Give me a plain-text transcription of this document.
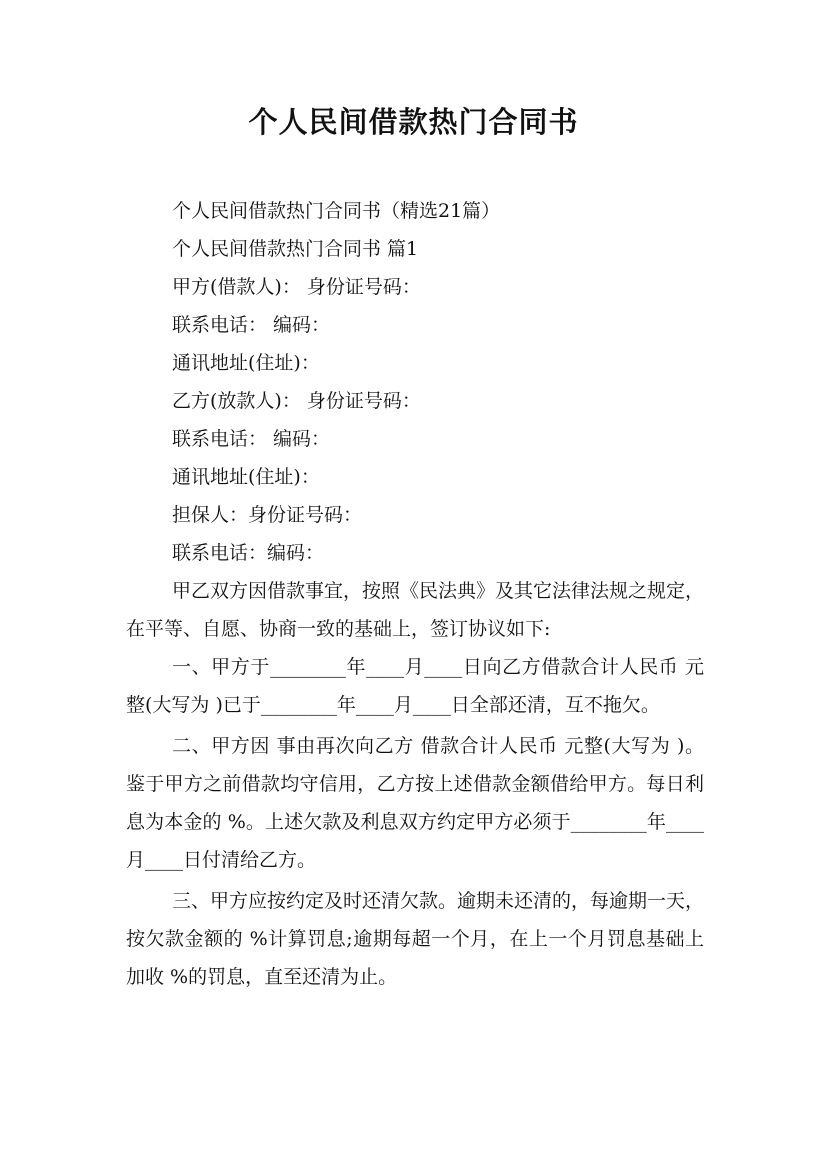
个人民间借款热门合同书
个人民间借款热门合同书（精选21篇）
个人民间借款热门合同书 篇1
甲方(借款人)： 身份证号码：
联系电话： 编码：
通讯地址(住址)：
乙方(放款人)： 身份证号码：
联系电话： 编码：
通讯地址(住址)：
担保人：身份证号码：
联系电话：编码：

甲乙双方因借款事宜，按照《民法典》及其它法律法规之规定，在平等、自愿、协商一致的基础上，签订协议如下:

一、甲方于________年____月____日向乙方借款合计人民币 元整(大写为 )已于________年____月____日全部还清，互不拖欠。

二、甲方因 事由再次向乙方 借款合计人民币 元整(大写为 )。鉴于甲方之前借款均守信用，乙方按上述借款金额借给甲方。每日利息为本金的 %。上述欠款及利息双方约定甲方必须于________年____月____日付清给乙方。

三、甲方应按约定及时还清欠款。逾期未还清的，每逾期一天，按欠款金额的 %计算罚息;逾期每超一个月，在上一个月罚息基础上加收 %的罚息，直至还清为止。
